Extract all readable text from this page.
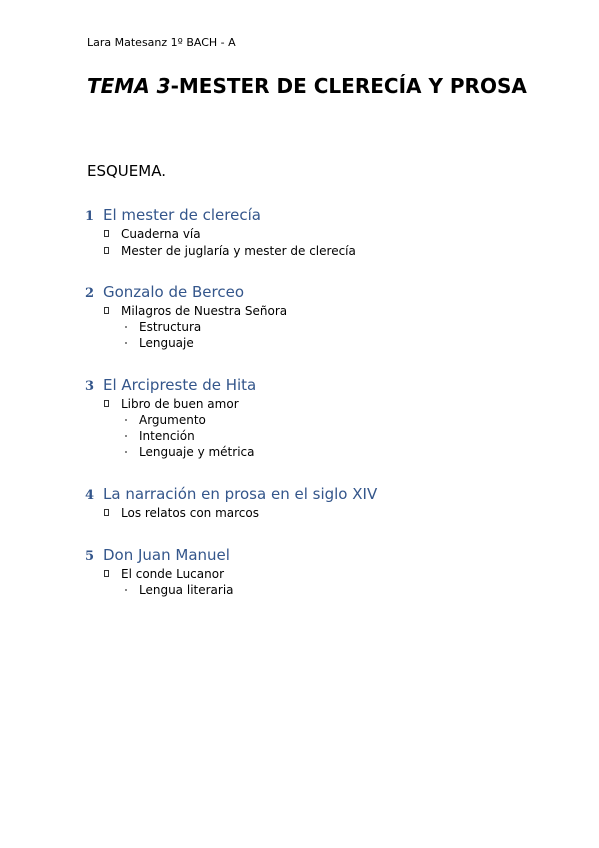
Lara Matesanz 1º BACH - A
TEMA 3-MESTER DE CLERECÍA Y PROSA
ESQUEMA.
1 El mester de clerecía
Cuaderna vía
Mester de juglaría y mester de clerecía
2 Gonzalo de Berceo
Milagros de Nuestra Señora
Estructura
Lenguaje
3 El Arcipreste de Hita
Libro de buen amor
Argumento
Intención
Lenguaje y métrica
4 La narración en prosa en el siglo XIV
Los relatos con marcos
5 Don Juan Manuel
El conde Lucanor
Lengua literaria
